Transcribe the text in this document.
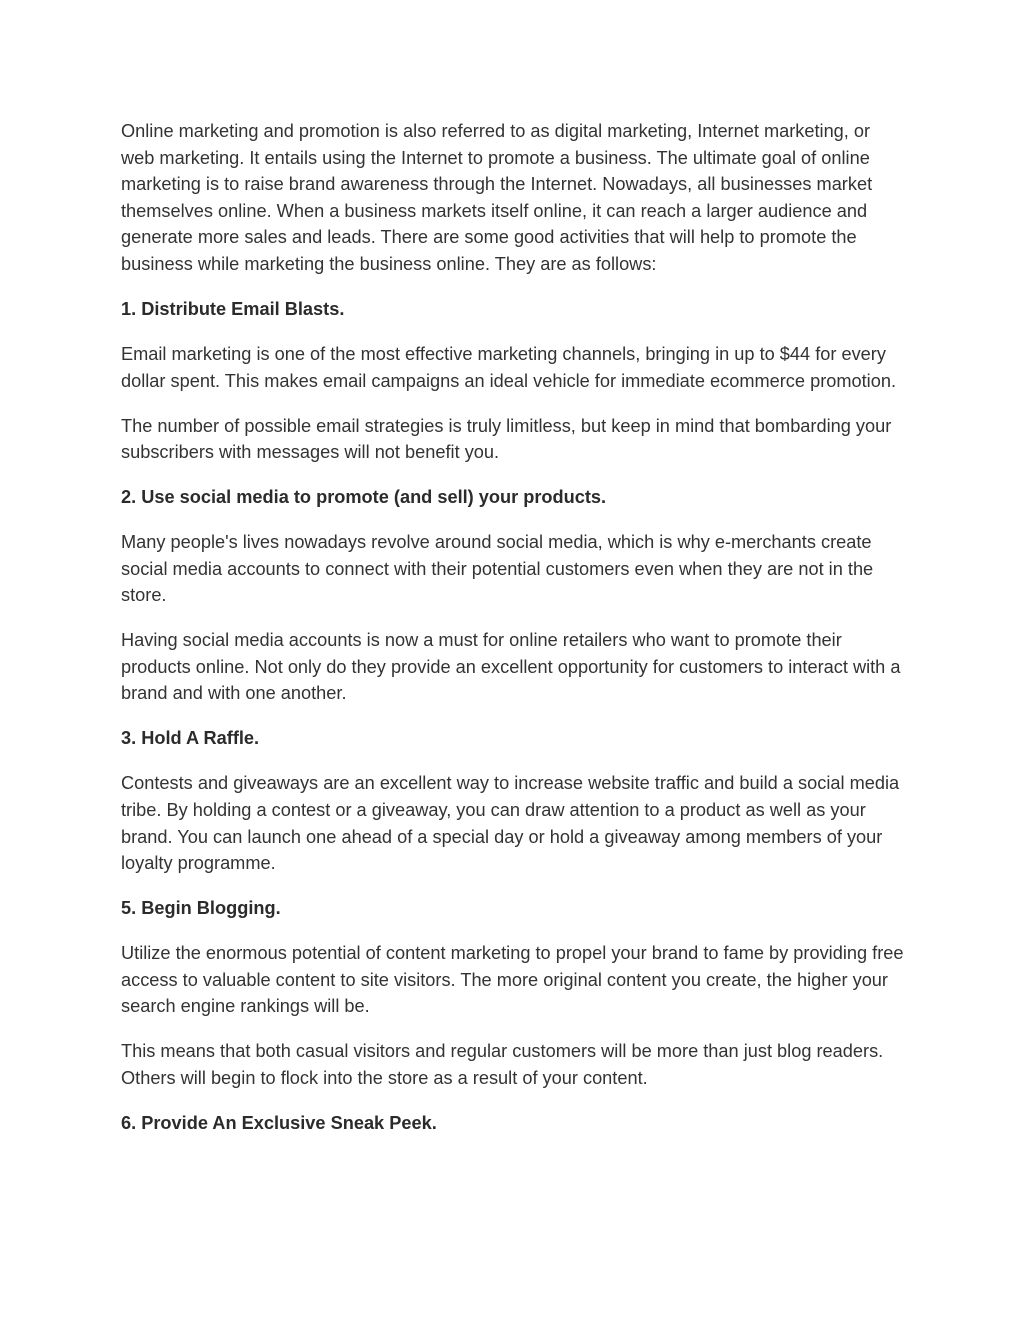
Online marketing and promotion is also referred to as digital marketing, Internet marketing, or web marketing. It entails using the Internet to promote a business. The ultimate goal of online marketing is to raise brand awareness through the Internet. Nowadays, all businesses market themselves online. When a business markets itself online, it can reach a larger audience and generate more sales and leads. There are some good activities that will help to promote the business while marketing the business online. They are as follows:

1. Distribute Email Blasts.

Email marketing is one of the most effective marketing channels, bringing in up to $44 for every dollar spent. This makes email campaigns an ideal vehicle for immediate ecommerce promotion.

The number of possible email strategies is truly limitless, but keep in mind that bombarding your subscribers with messages will not benefit you.

2. Use social media to promote (and sell) your products.

Many people's lives nowadays revolve around social media, which is why e-merchants create social media accounts to connect with their potential customers even when they are not in the store.

Having social media accounts is now a must for online retailers who want to promote their products online. Not only do they provide an excellent opportunity for customers to interact with a brand and with one another.

3. Hold A Raffle.

Contests and giveaways are an excellent way to increase website traffic and build a social media tribe. By holding a contest or a giveaway, you can draw attention to a product as well as your brand. You can launch one ahead of a special day or hold a giveaway among members of your loyalty programme.

5. Begin Blogging.

Utilize the enormous potential of content marketing to propel your brand to fame by providing free access to valuable content to site visitors. The more original content you create, the higher your search engine rankings will be.

This means that both casual visitors and regular customers will be more than just blog readers. Others will begin to flock into the store as a result of your content.

6. Provide An Exclusive Sneak Peek.
